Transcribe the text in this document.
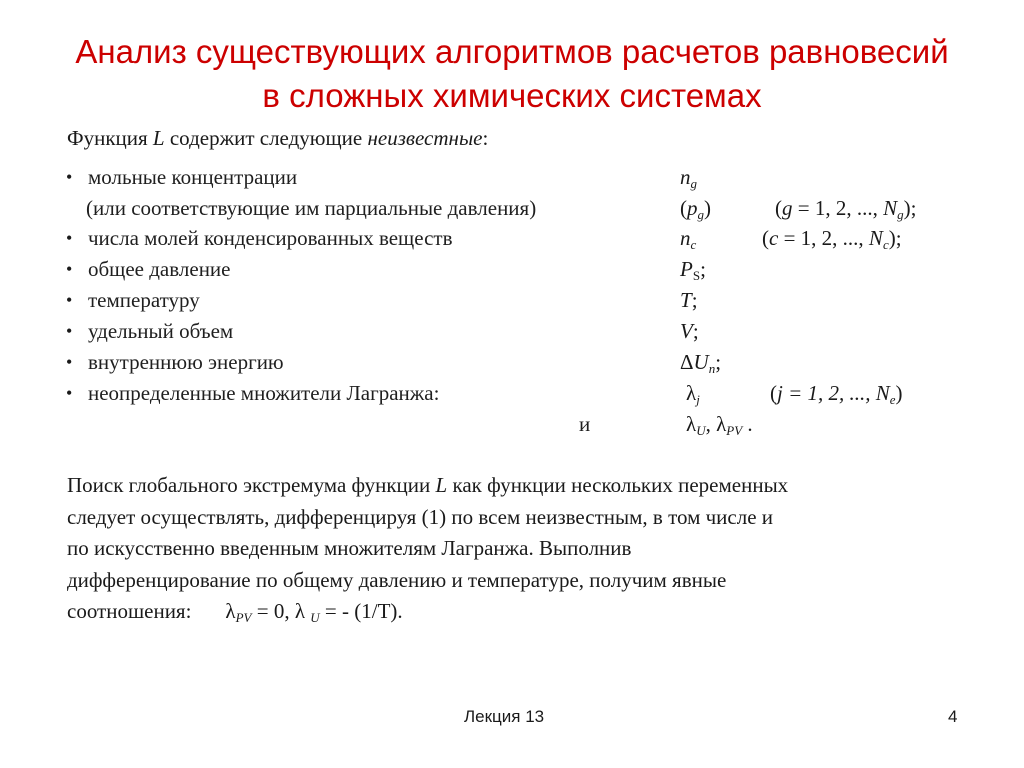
Анализ существующих алгоритмов расчетов равновесий
в сложных химических системах
Функция L содержит следующие неизвестные:
• мольные концентрации	$n_g$
(или соответствующие им парциальные давления)	$(p_g)$	(g = 1, 2, ..., $N_g$);
• числа молей конденсированных веществ	$n_c$	(c = 1, 2, ..., $N_c$);
• общее давление	$P_S$;
• температуру	T;
• удельный объем	V;
• внутреннюю энергию	$\Delta U_n$;
• неопределенные множители Лагранжа:	$\lambda_j$	(j = 1, 2, ..., $N_e$)
и	$\lambda_U$, $\lambda_{PV}$ .
Поиск глобального экстремума функции L как функции нескольких переменных
следует осуществлять, дифференцируя (1) по всем неизвестным, в том числе и
по искусственно введенным множителям Лагранжа. Выполнив
дифференцирование по общему давлению и температуре, получим явные
соотношения: $\lambda_{PV} = 0$, λ $_U$ = - (1/T).
Лекция 13	4
